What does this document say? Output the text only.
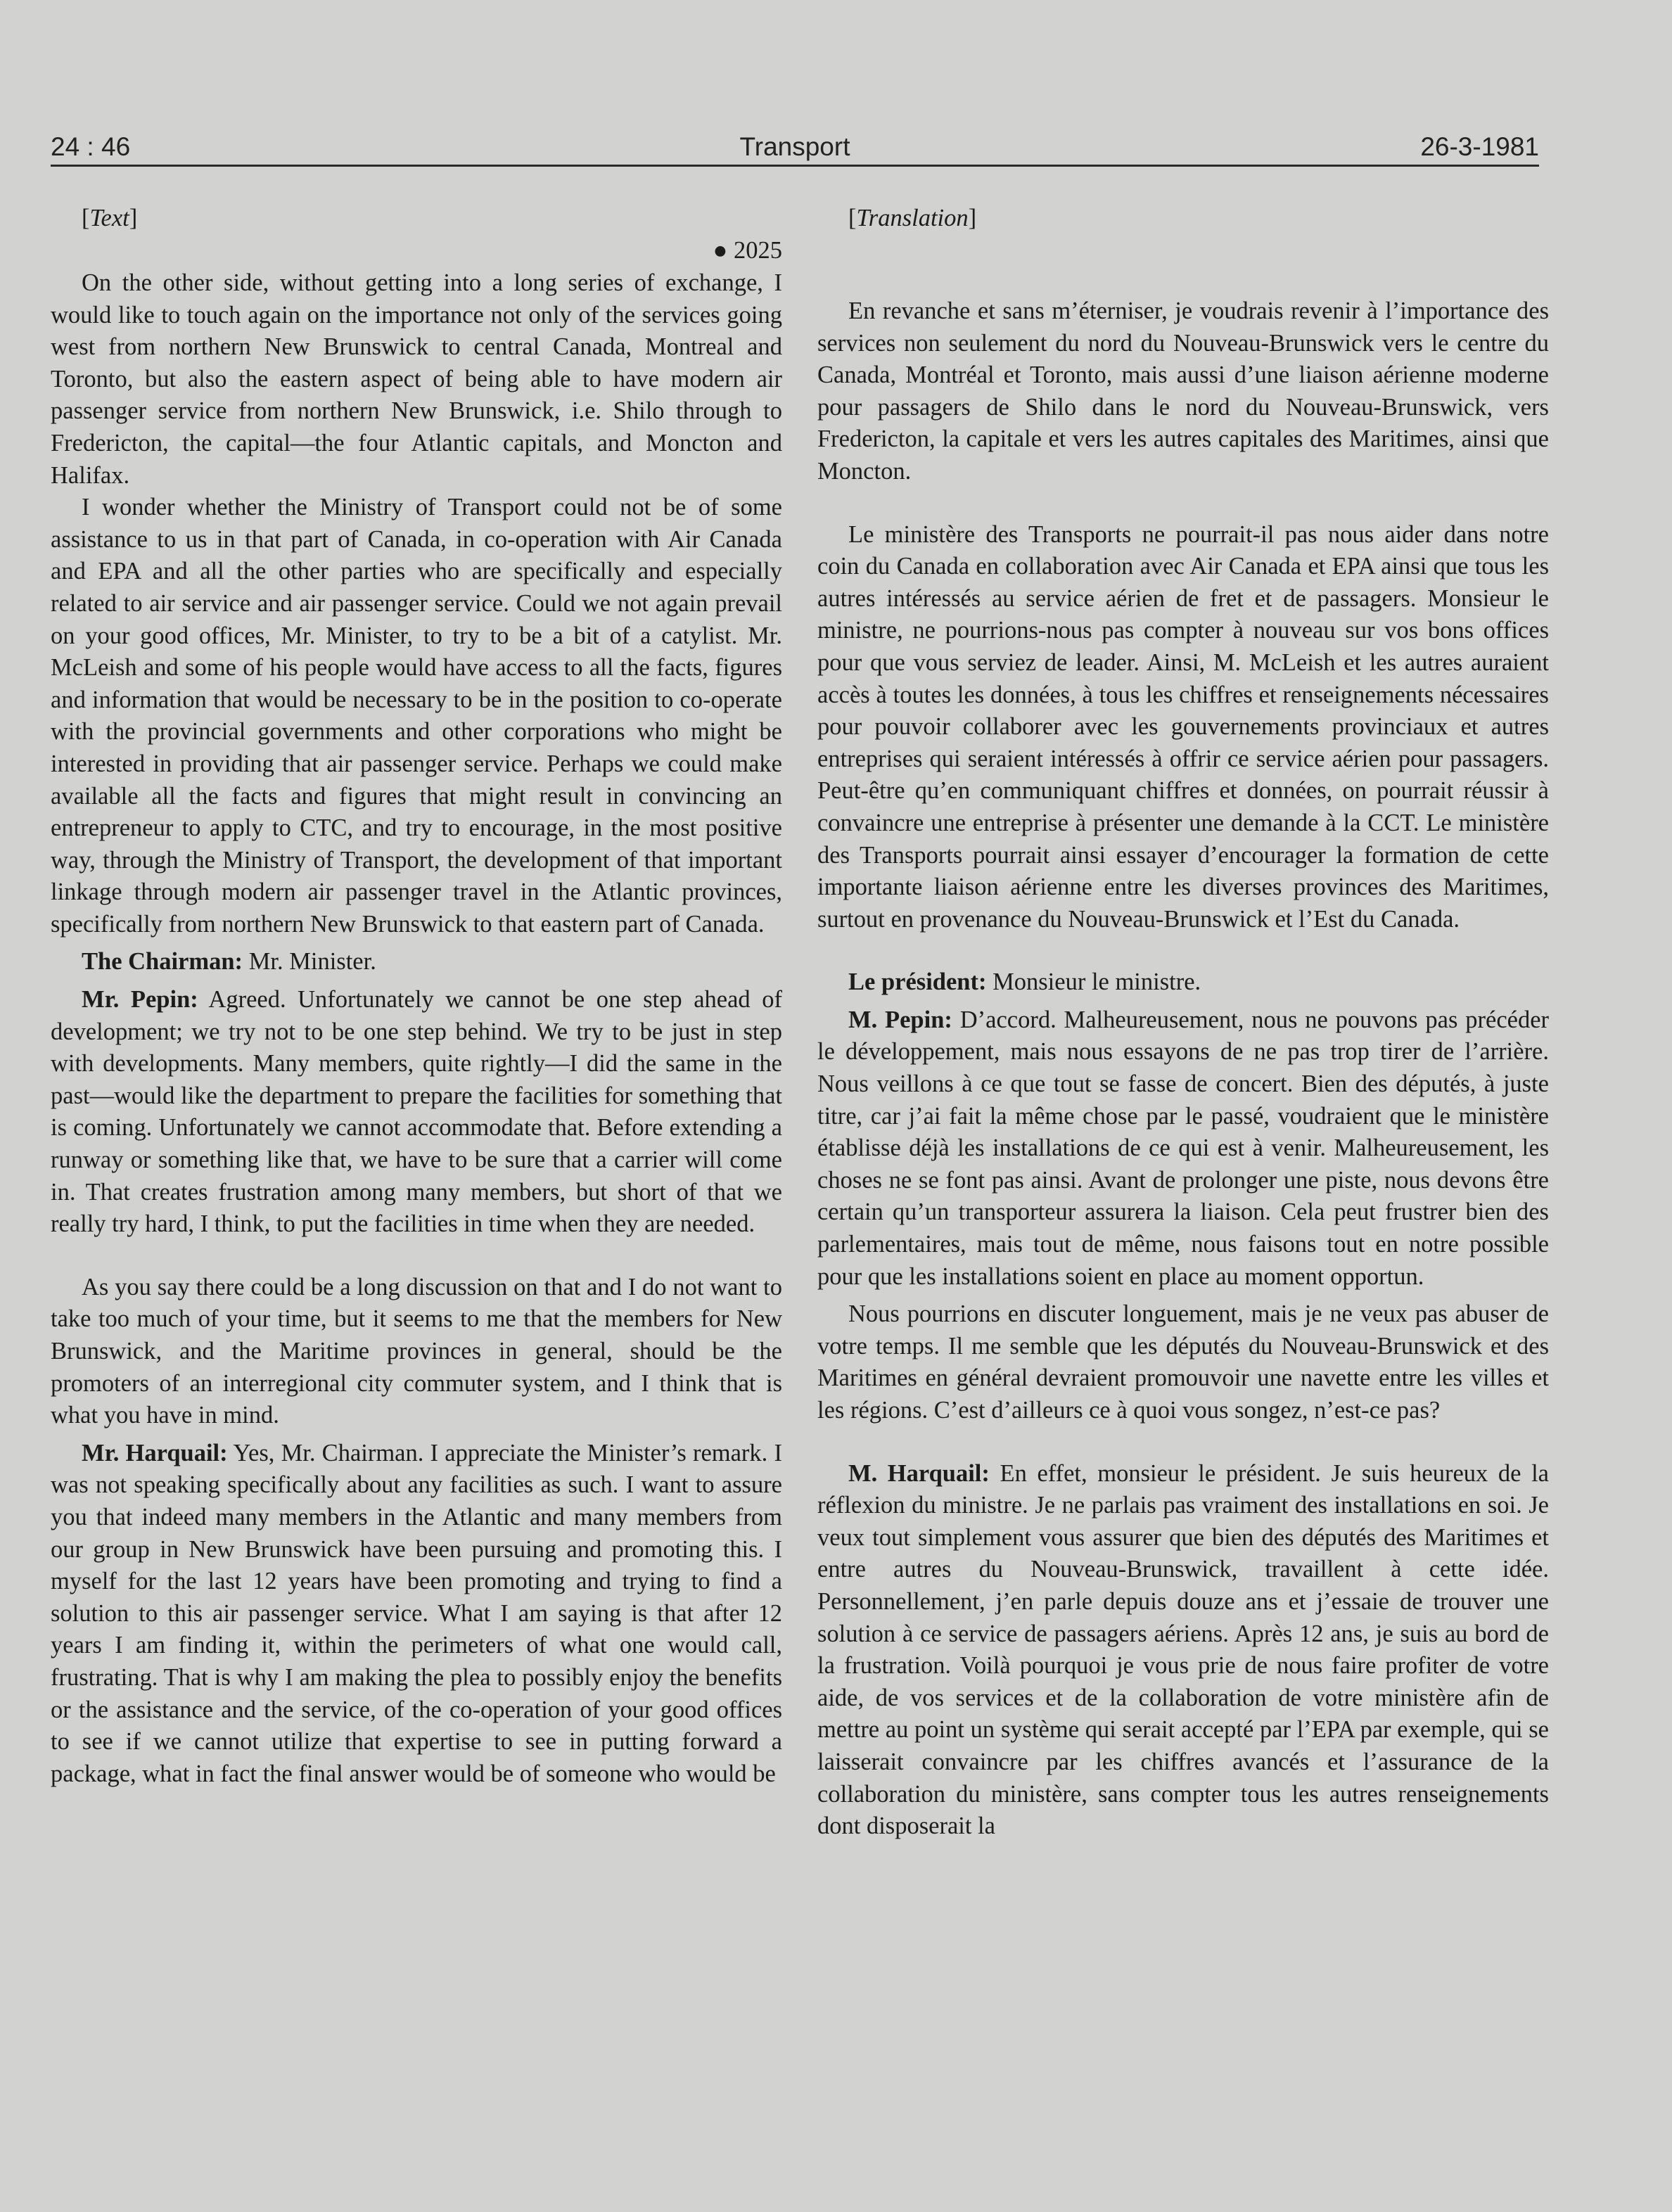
24 : 46	Transport	26-3-1981

[Text]

● 2025

On the other side, without getting into a long series of exchange, I would like to touch again on the importance not only of the services going west from northern New Brunswick to central Canada, Montreal and Toronto, but also the eastern aspect of being able to have modern air passenger service from northern New Brunswick, i.e. Shilo through to Fredericton, the capital—the four Atlantic capitals, and Moncton and Halifax.

I wonder whether the Ministry of Transport could not be of some assistance to us in that part of Canada, in co-operation with Air Canada and EPA and all the other parties who are specifically and especially related to air service and air passenger service. Could we not again prevail on your good offices, Mr. Minister, to try to be a bit of a catylist. Mr. McLeish and some of his people would have access to all the facts, figures and information that would be necessary to be in the position to co-operate with the provincial governments and other corporations who might be interested in providing that air passenger service. Perhaps we could make available all the facts and figures that might result in convincing an entrepreneur to apply to CTC, and try to encourage, in the most positive way, through the Ministry of Transport, the development of that important linkage through modern air passenger travel in the Atlantic provinces, specifically from northern New Brunswick to that eastern part of Canada.

The Chairman: Mr. Minister.

Mr. Pepin: Agreed. Unfortunately we cannot be one step ahead of development; we try not to be one step behind. We try to be just in step with developments. Many members, quite rightly—I did the same in the past—would like the department to prepare the facilities for something that is coming. Unfortunately we cannot accommodate that. Before extending a runway or something like that, we have to be sure that a carrier will come in. That creates frustration among many members, but short of that we really try hard, I think, to put the facilities in time when they are needed.

As you say there could be a long discussion on that and I do not want to take too much of your time, but it seems to me that the members for New Brunswick, and the Maritime provinces in general, should be the promoters of an interregional city commuter system, and I think that is what you have in mind.

Mr. Harquail: Yes, Mr. Chairman. I appreciate the Minister’s remark. I was not speaking specifically about any facilities as such. I want to assure you that indeed many members in the Atlantic and many members from our group in New Brunswick have been pursuing and promoting this. I myself for the last 12 years have been promoting and trying to find a solution to this air passenger service. What I am saying is that after 12 years I am finding it, within the perimeters of what one would call, frustrating. That is why I am making the plea to possibly enjoy the benefits or the assistance and the service, of the co-operation of your good offices to see if we cannot utilize that expertise to see in putting forward a package, what in fact the final answer would be of someone who would be

[Translation]

En revanche et sans m’éterniser, je voudrais revenir à l’importance des services non seulement du nord du Nouveau-Brunswick vers le centre du Canada, Montréal et Toronto, mais aussi d’une liaison aérienne moderne pour passagers de Shilo dans le nord du Nouveau-Brunswick, vers Fredericton, la capitale et vers les autres capitales des Maritimes, ainsi que Moncton.

Le ministère des Transports ne pourrait-il pas nous aider dans notre coin du Canada en collaboration avec Air Canada et EPA ainsi que tous les autres intéressés au service aérien de fret et de passagers. Monsieur le ministre, ne pourrions-nous pas compter à nouveau sur vos bons offices pour que vous serviez de leader. Ainsi, M. McLeish et les autres auraient accès à toutes les données, à tous les chiffres et renseignements nécessaires pour pouvoir collaborer avec les gouvernements provinciaux et autres entreprises qui seraient intéressés à offrir ce service aérien pour passagers. Peut-être qu’en communiquant chiffres et données, on pourrait réussir à convaincre une entreprise à présenter une demande à la CCT. Le ministère des Transports pourrait ainsi essayer d’encourager la formation de cette importante liaison aérienne entre les diverses provinces des Maritimes, surtout en provenance du Nouveau-Brunswick et l’Est du Canada.

Le président: Monsieur le ministre.

M. Pepin: D’accord. Malheureusement, nous ne pouvons pas précéder le développement, mais nous essayons de ne pas trop tirer de l’arrière. Nous veillons à ce que tout se fasse de concert. Bien des députés, à juste titre, car j’ai fait la même chose par le passé, voudraient que le ministère établisse déjà les installations de ce qui est à venir. Malheureusement, les choses ne se font pas ainsi. Avant de prolonger une piste, nous devons être certain qu’un transporteur assurera la liaison. Cela peut frustrer bien des parlementaires, mais tout de même, nous faisons tout en notre possible pour que les installations soient en place au moment opportun.

Nous pourrions en discuter longuement, mais je ne veux pas abuser de votre temps. Il me semble que les députés du Nouveau-Brunswick et des Maritimes en général devraient promouvoir une navette entre les villes et les régions. C’est d’ailleurs ce à quoi vous songez, n’est-ce pas?

M. Harquail: En effet, monsieur le président. Je suis heureux de la réflexion du ministre. Je ne parlais pas vraiment des installations en soi. Je veux tout simplement vous assurer que bien des députés des Maritimes et entre autres du Nouveau-Brunswick, travaillent à cette idée. Personnellement, j’en parle depuis douze ans et j’essaie de trouver une solution à ce service de passagers aériens. Après 12 ans, je suis au bord de la frustration. Voilà pourquoi je vous prie de nous faire profiter de votre aide, de vos services et de la collaboration de votre ministère afin de mettre au point un système qui serait accepté par l’EPA par exemple, qui se laisserait convaincre par les chiffres avancés et l’assurance de la collaboration du ministère, sans compter tous les autres renseignements dont disposerait la
